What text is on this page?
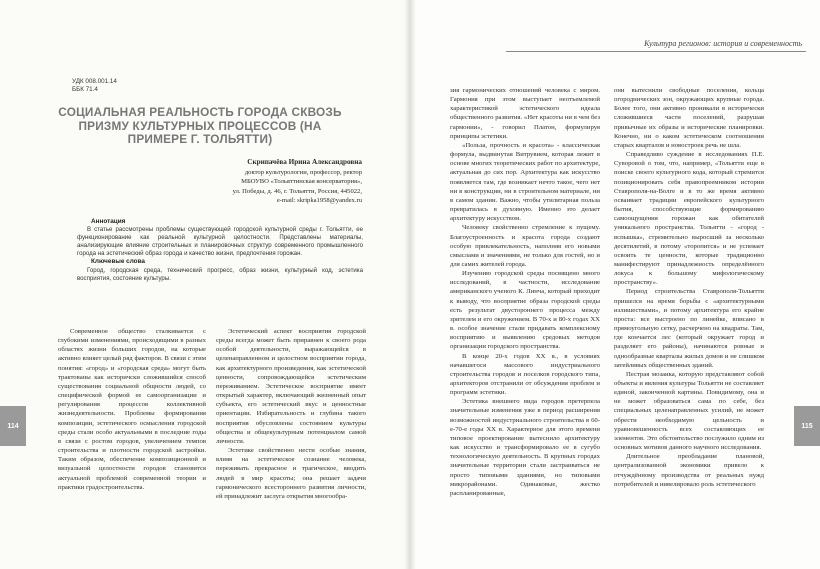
УДК 008.001.14
ББК 71.4
СОЦИАЛЬНАЯ РЕАЛЬНОСТЬ ГОРОДА СКВОЗЬ ПРИЗМУ КУЛЬТУРНЫХ ПРОЦЕССОВ (НА ПРИМЕРЕ Г. ТОЛЬЯТТИ)
Скрипачёва Ирина Александровна
доктор культурологии, профессор, ректор
МБОУВО «Тольяттинская консерватория»,
ул. Победы, д. 46, г. Тольятти, Россия, 445022,

e-mail: skripka1958@yandex.ru
Аннотация

В статье рассмотрены проблемы существующей городской культурной среды г. Тольятти, ее функционирование как реальной культурной целостности. Представлены материалы, анализирующие влияние строительных и планировочных структур современного промышленного города на эстетический образ города и качество жизни, предпочтения горожан.

Ключевые слова

Город, городская среда, технический прогресс, образ жизни, культурный код, эстетика восприятия, состояние культуры.

Современное общество сталкивается с глубокими изменениями, происходящими в разных областях жизни больших городов, на которые активно влияет целый ряд факторов. В связи с этим понятия: «город» и «городская среда» могут быть трактованы как историчски сложившийся способ существования социальной общности людей, со специфической формой ее самоорганизации и регулирования процессов коллективной жизнедеятельности. Проблемы формирования композиции, эстетического осмысления городской среды стали особо актуальными в последние годы в связи с ростом городов, увеличением темпов строительства и плотности городской застройки. Таким образом, обеспечение композиционной и визуальной целостности городов становится актуальной проблемой современной теории и практики градостроительства.

Эстетический аспект восприятия городской среды всегда может быть приравнен к своего рода особой деятельности, выражающейся в целенаправленном и целостном восприятии города, как архитектурного произведения, как эстетической ценности, сопровождающейся эстетическим переживанием. Эстетическое восприятие имеет открытый характер, включающий жизненный опыт субъекта, его эстетический вкус и ценностные ориентации. Избирательность и глубина такого восприятия обусловлены состоянием культуры общества и общекультурным потенциалом самой личности.

Эстетике свойственно нести особые знания, влияя на эстетическое сознание человека, переживать прекрасное и трагическое, вводить людей в мир красоты; она решает задачи гармонического всестороннего развития личности, ей принадлежит заслуга открытия многообра-

114
Культура регионов: история и современность

зия гармонических отношений человека с миром. Гармония при этом выступает неотъемлемой характеристикой эстетического идеала общественного развития. «Нет красоты ни в чем без гармонии», - говорил Платон, формулируя принципы эстетики.

«Польза, прочность и красота» - классическая формула, выдвинутая Витрувием, которая лежит в основе многих теоретических работ по архитектуре, актуальная до сих пор. Архитектура как искусство появляется там, где возникает нечто такое, чего нет ни в конструкции, ни в строительном материале, ни в самом здании. Важно, чтобы утилитарная польза превратилась в духовную. Именно это делает архитектуру искусством.

Человеку свойственно стремление к пущему. Благоустроенность и красота города создают особую привлекательность, наполняя его новыми смыслами и значениями, не только для гостей, но и для самих жителей города.

Изучению городской среды посвящено много исследований, в частности, исследование американского ученого К. Линча, который приходит к выводу, что восприятие образа городской среды есть результат двустороннего процесса между зрителем и его окружением. В 70-х и 80-х годах XX в. особое значение стали придавать комплексному восприятию и выявлению средовых методов организации городского пространства.

В конце 20-х годов XX в., в условиях начавшегося массового индустриального строительства городов и поселков городского типа, архитекторов отстранили от обсуждения проблем и программ эстетики.

Эстетика внешнего вида городов претерпела значительные изменения уже в период расширения возможностей индустриального строительства в 60-е-70-е годы XX в. Характерное для этого времени типовое проектирование вытеснило архитектуру как искусство и трансформировало ее в сугубо технологическую деятельность. В крупных городах значительные территории стали застраиваться не просто типовыми зданиями, но типовыми микрорайонами. Одинаковые, жестко распланированные,

они вытеснили свободные поселения, кольца огороднических зон, окружающих крупные города. Более того, они активно проникали в исторически сложившиеся части поселений, разрушая привычные их образы и исторические планировки. Конечно, ни о каком эстетическом соотношении старых кварталов и новостроек речь не шла.

Справедливо суждение в исследованиях П.Е. Суворовой о том, что, например, «Тольятти еще в поиске своего культурного кода, который стремится позиционировать себя правопреемником истории Ставрополя-на-Волге и в то же время активно осваивает традиции европейского культурного бытия, способствующие формированию самоощущения горожан как обитателей уникального пространства. Тольятти - «город - вспышка», стремительно выросший за несколько десятилетий, в потому «торопится» и не успевает освоить те ценности, которые традиционно манифестируют принадлежность определённого локуса к большому мифологическому пространству».

Период строительства Ставрополя-Тольятти пришелся на время борьбы с «архитектурными излишествами», и потому архитектура его крайне проста: все выстроено по линейке, вписано в прямоугольную сетку, расчерчено на квадраты. Там, где кончается лес (который окружает город и разделяет его районы), начинаются ровные и однообразные кварталы жилых домов и не слишком затейливых общественных зданий.

Пестрая мозаика, которую представляют собой объекты и явления культуры Тольятти не составляет единой, законченной картины. Повидимому, она и не может образоваться сама по себе, без специальных целенаправленных усилий, не может обрести необходимую цельность и уравновешенность всех составляющих ее элементов. Это обстоятельство послужило одним из основных мотивов данного научного исследования.

Длительное преобладание плановой, централизованной экономики привело к отчуждённому производства от реальных нужд потребителей и нивелировало роль эстетического

115
